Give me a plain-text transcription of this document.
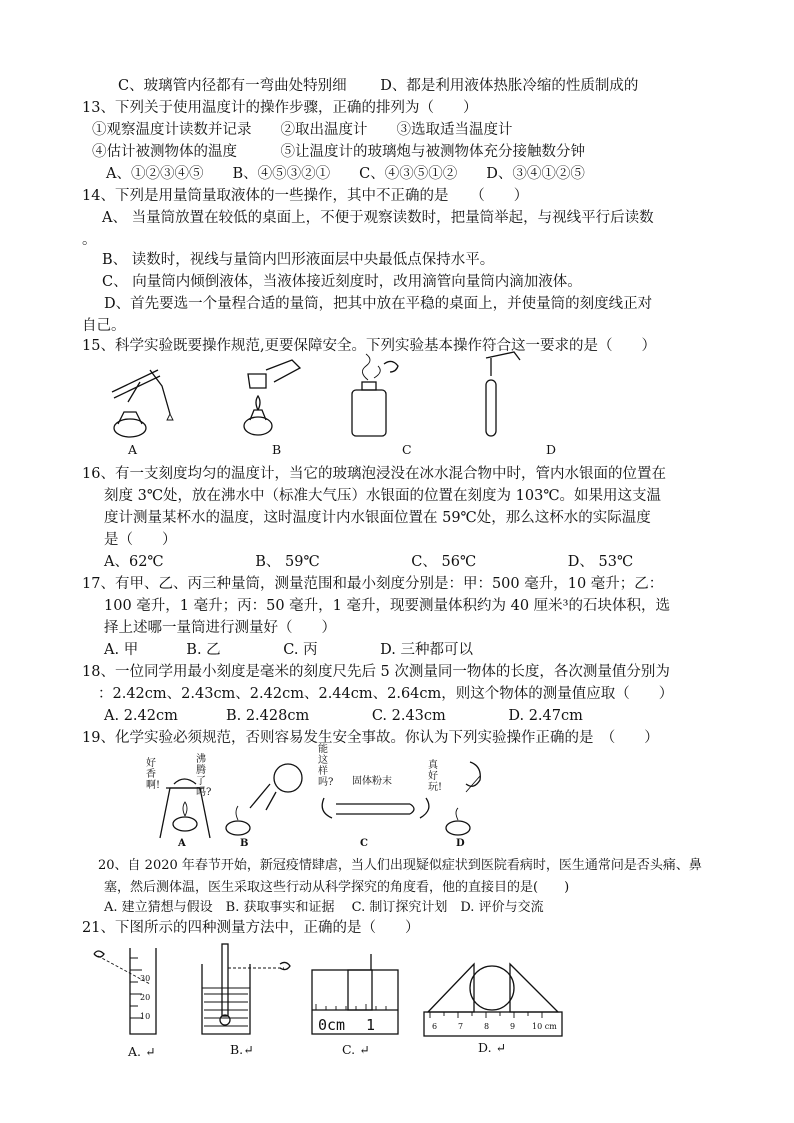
C、玻璃管内径都有一弯曲处特别细　　 D、都是利用液体热胀冷缩的性质制成的
13、下列关于使用温度计的操作步骤，正确的排列为（　　）
①观察温度计读数并记录　　②取出温度计　　③选取适当温度计
④估计被测物体的温度　　　⑤让温度计的玻璃炮与被测物体充分接触数分钟
A、①②③④⑤　　B、④⑤③②①　　C、④③⑤①②　　D、③④①②⑤
14、下列是用量筒量取液体的一些操作，其中不正确的是　　（　　）
A、 当量筒放置在较低的桌面上，不便于观察读数时，把量筒举起，与视线平行后读数
。
B、 读数时，视线与量筒内凹形液面层中央最低点保持水平。
C、 向量筒内倾倒液体，当液体接近刻度时，改用滴管向量筒内滴加液体。
D、首先要选一个量程合适的量筒，把其中放在平稳的桌面上，并使量筒的刻度线正对
自己。
15、科学实验既要操作规范,更要保障安全。下列实验基本操作符合这一要求的是（　　）
A	B	C	D
16、有一支刻度均匀的温度计，当它的玻璃泡浸没在冰水混合物中时，管内水银面的位置在
刻度 3℃处，放在沸水中（标准大气压）水银面的位置在刻度为 103℃。如果用这支温
度计测量某杯水的温度，这时温度计内水银面位置在 59℃处，那么这杯水的实际温度
是（　　）
A、62℃　　　　　　 B、 59℃　　　　　　 C、 56℃　　　　　　 D、 53℃
17、有甲、乙、丙三种量筒，测量范围和最小刻度分别是：甲：500 毫升，10 毫升；乙：
100 毫升，1 毫升；丙：50 毫升，1 毫升，现要测量体积约为 40 厘米³的石块体积，选
择上述哪一量筒进行测量好（　　）
A. 甲　　　 B. 乙　　　　 C. 丙　　　　 D. 三种都可以
18、一位同学用最小刻度是毫米的刻度尺先后 5 次测量同一物体的长度，各次测量值分别为
：2.42cm、2.43cm、2.42cm、2.44cm、2.64cm，则这个物体的测量值应取（　　）
A. 2.42cm　　　 B. 2.428cm　　　　 C. 2.43cm　　　　 D. 2.47cm
19、化学实验必须规范，否则容易发生安全事故。你认为下列实验操作正确的是　（　　）
好香啊!
沸腾了吗?
能这样吗?
真好玩!
固体粉末
A	B	C	D
20、自 2020 年春节开始，新冠疫情肆虐，当人们出现疑似症状到医院看病时，医生通常问是否头痛、鼻
塞，然后测体温，医生采取这些行动从科学探究的角度看，他的直接目的是(　　)
A. 建立猜想与假设　B. 获取事实和证据　 C. 制订探究计划　D. 评价与交流
21、下图所示的四种测量方法中，正确的是（　　）
30
20
10	0cm 1	6	7	8	9 10 cm
A. ↵	B.↵	C. ↵	D. ↵
